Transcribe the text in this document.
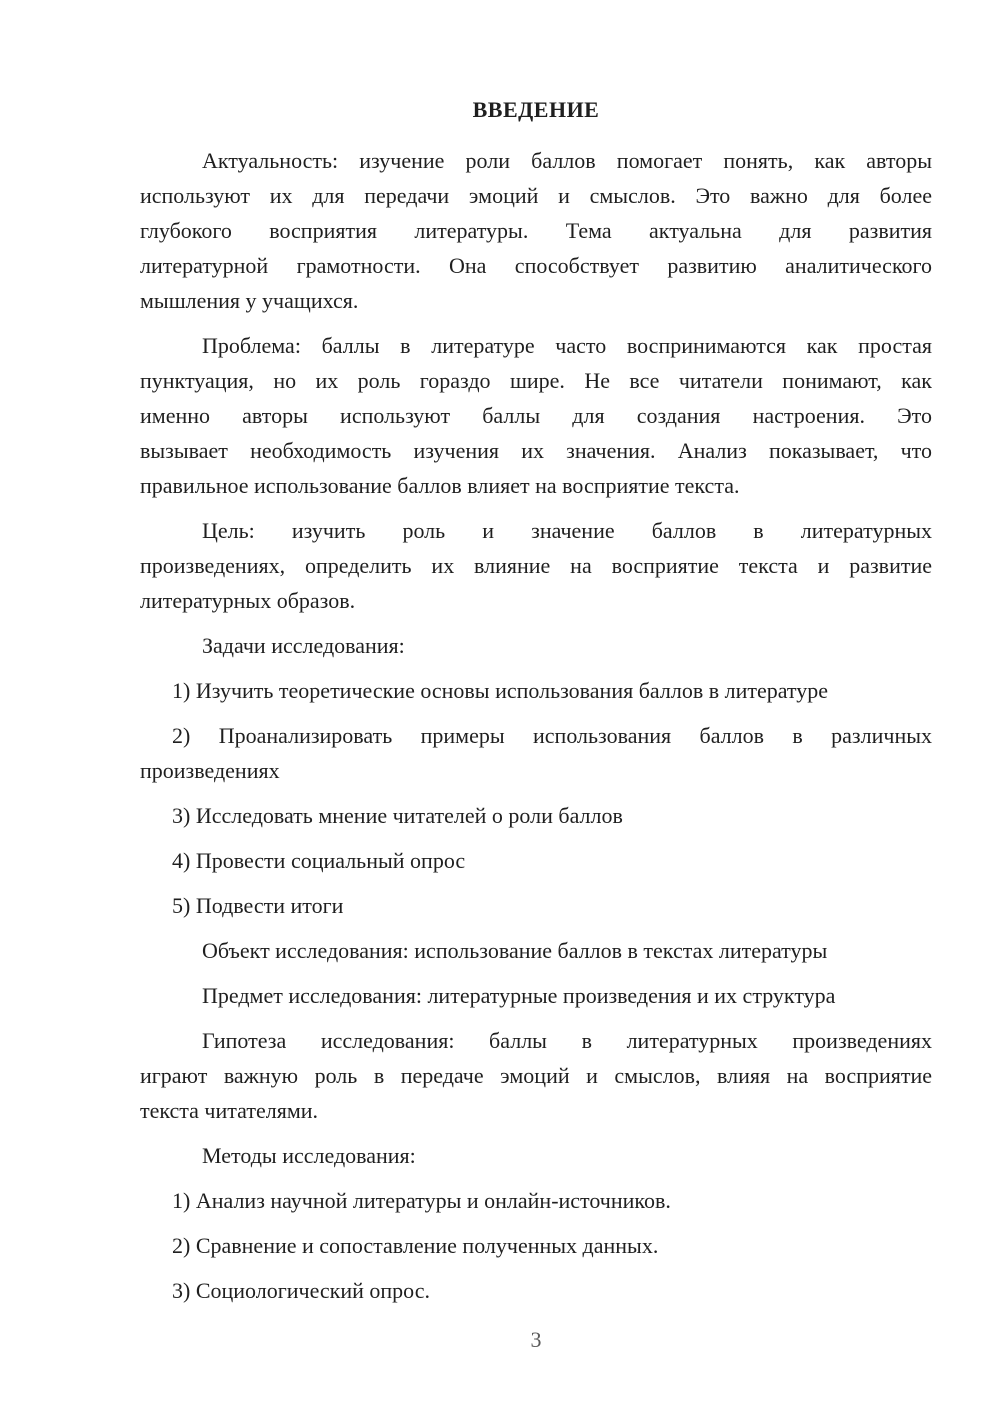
ВВЕДЕНИЕ
Актуальность: изучение роли баллов помогает понять, как авторы
используют их для передачи эмоций и смыслов. Это важно для более
глубокого восприятия литературы. Тема актуальна для развития
литературной грамотности. Она способствует развитию аналитического
мышления у учащихся.
Проблема: баллы в литературе часто воспринимаются как простая
пунктуация, но их роль гораздо шире. Не все читатели понимают, как
именно авторы используют баллы для создания настроения. Это
вызывает необходимость изучения их значения. Анализ показывает, что
правильное использование баллов влияет на восприятие текста.
Цель: изучить роль и значение баллов в литературных
произведениях, определить их влияние на восприятие текста и развитие
литературных образов.
Задачи исследования:
1) Изучить теоретические основы использования баллов в литературе
2) Проанализировать примеры использования баллов в различных
произведениях
3) Исследовать мнение читателей о роли баллов
4) Провести социальный опрос
5) Подвести итоги
Объект исследования: использование баллов в текстах литературы
Предмет исследования: литературные произведения и их структура
Гипотеза исследования: баллы в литературных произведениях
играют важную роль в передаче эмоций и смыслов, влияя на восприятие
текста читателями.
Методы исследования:
1) Анализ научной литературы и онлайн-источников.
2) Сравнение и сопоставление полученных данных.
3) Социологический опрос.
3
